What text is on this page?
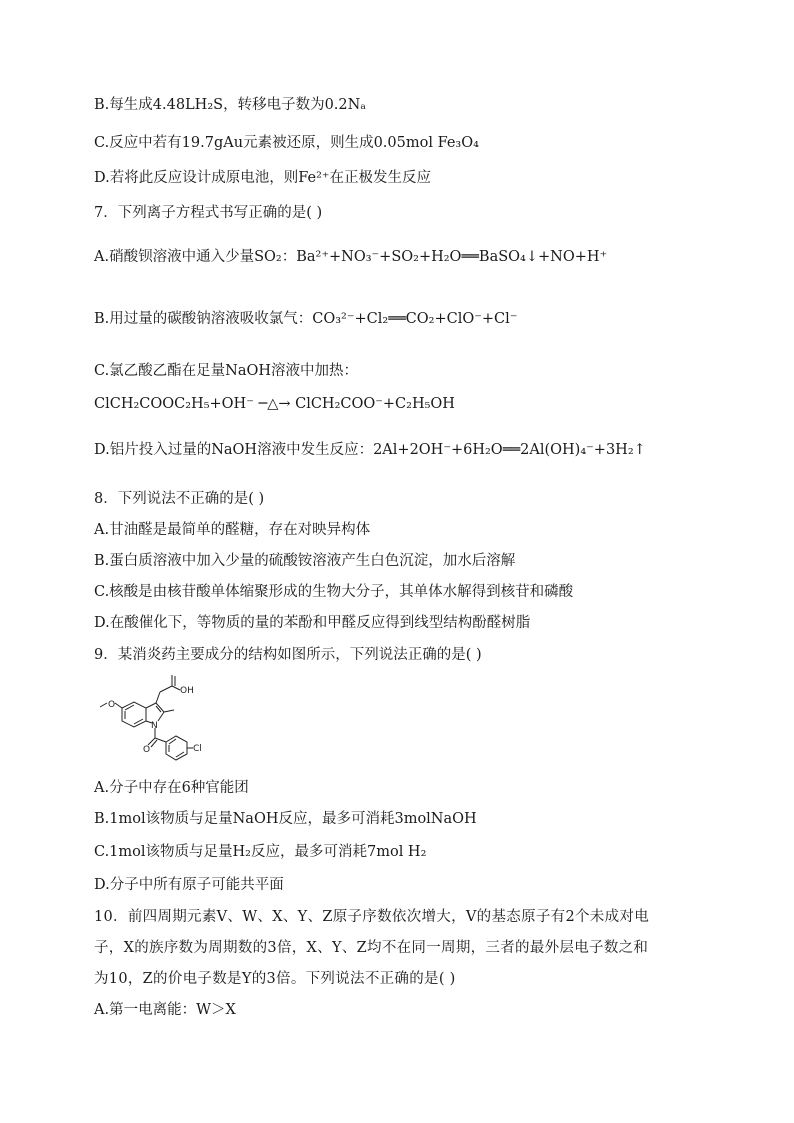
B.每生成4.48LH₂S，转移电子数为0.2Nₐ
C.反应中若有19.7gAu元素被还原，则生成0.05mol Fe₃O₄
D.若将此反应设计成原电池，则Fe²⁺在正极发生反应
7．下列离子方程式书写正确的是( )
A.硝酸钡溶液中通入少量SO₂：Ba²⁺+NO₃⁻+SO₂+H₂O══BaSO₄↓+NO+H⁺
B.用过量的碳酸钠溶液吸收氯气：CO₃²⁻+Cl₂══CO₂+ClO⁻+Cl⁻
C.氯乙酸乙酯在足量NaOH溶液中加热：
ClCH₂COOC₂H₅+OH⁻ ─△→ ClCH₂COO⁻+C₂H₅OH
D.铝片投入过量的NaOH溶液中发生反应：2Al+2OH⁻+6H₂O══2Al(OH)₄⁻+3H₂↑
8．下列说法不正确的是( )
A.甘油醛是最简单的醛糖，存在对映异构体
B.蛋白质溶液中加入少量的硫酸铵溶液产生白色沉淀，加水后溶解
C.核酸是由核苷酸单体缩聚形成的生物大分子，其单体水解得到核苷和磷酸
D.在酸催化下，等物质的量的苯酚和甲醛反应得到线型结构酚醛树脂
9．某消炎药主要成分的结构如图所示，下列说法正确的是( )
O
OH
N
O	Cl
A.分子中存在6种官能团
B.1mol该物质与足量NaOH反应，最多可消耗3molNaOH
C.1mol该物质与足量H₂反应，最多可消耗7mol H₂
D.分子中所有原子可能共平面
10．前四周期元素V、W、X、Y、Z原子序数依次增大，V的基态原子有2个未成对电
子，X的族序数为周期数的3倍，X、Y、Z均不在同一周期，三者的最外层电子数之和
为10，Z的价电子数是Y的3倍。下列说法不正确的是( )
A.第一电离能：W＞X
